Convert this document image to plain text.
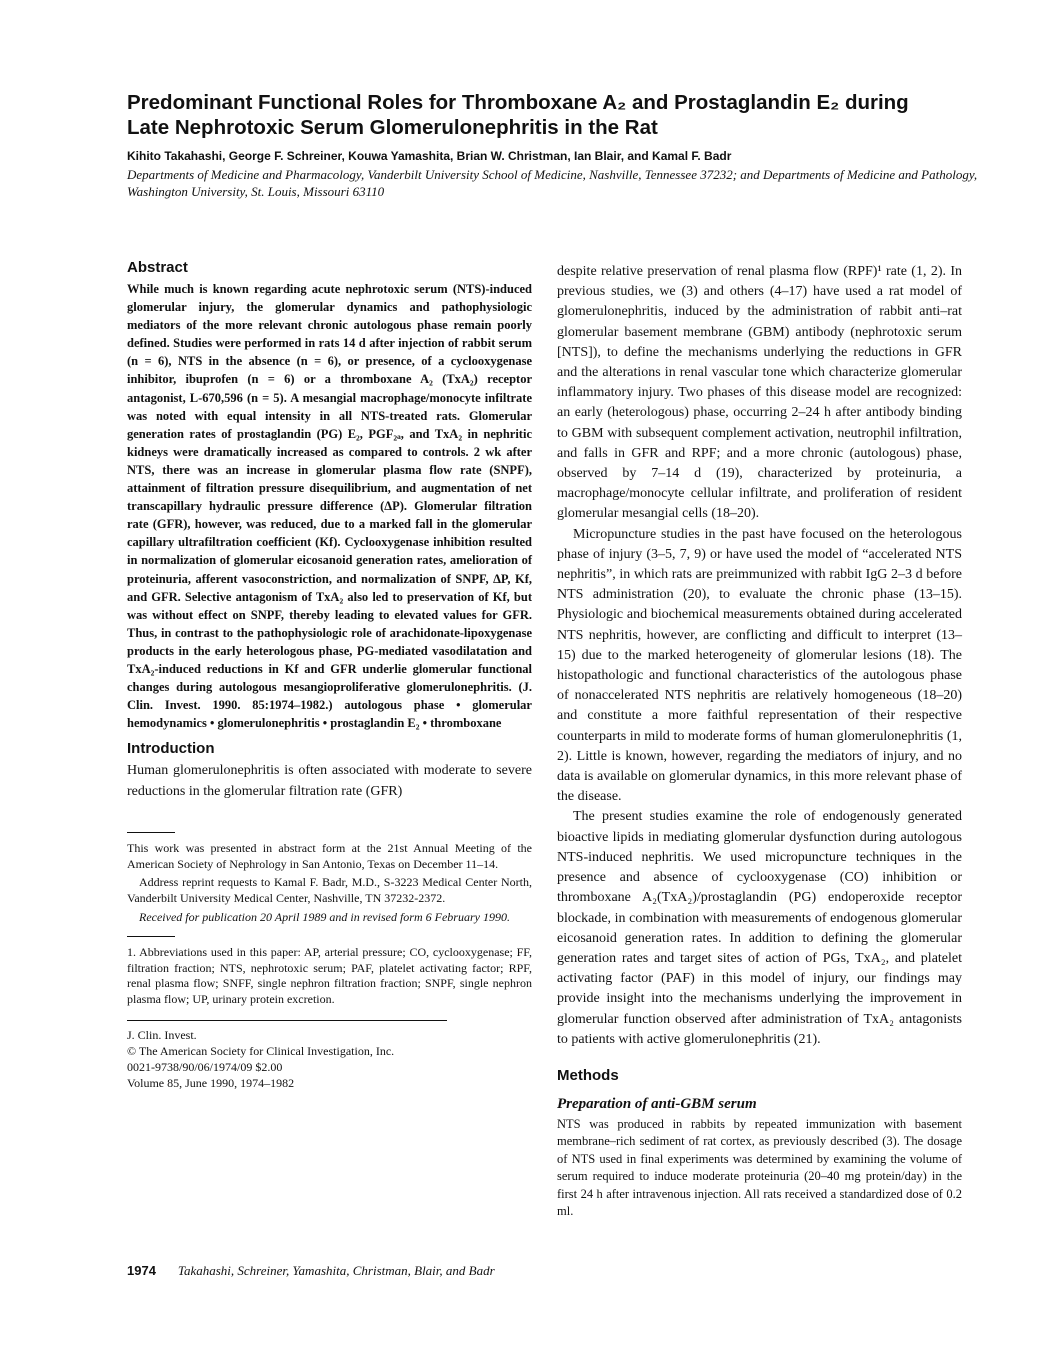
Predominant Functional Roles for Thromboxane A₂ and Prostaglandin E₂ during Late Nephrotoxic Serum Glomerulonephritis in the Rat
Kihito Takahashi, George F. Schreiner, Kouwa Yamashita, Brian W. Christman, Ian Blair, and Kamal F. Badr
Departments of Medicine and Pharmacology, Vanderbilt University School of Medicine, Nashville, Tennessee 37232; and Departments of Medicine and Pathology, Washington University, St. Louis, Missouri 63110
Abstract

While much is known regarding acute nephrotoxic serum (NTS)-induced glomerular injury, the glomerular dynamics and pathophysiologic mediators of the more relevant chronic autologous phase remain poorly defined. Studies were performed in rats 14 d after injection of rabbit serum (n = 6), NTS in the absence (n = 6), or presence, of a cyclooxygenase inhibitor, ibuprofen (n = 6) or a thromboxane A₂ (TxA₂) receptor antagonist, L-670,596 (n = 5). A mesangial macrophage/monocyte infiltrate was noted with equal intensity in all NTS-treated rats. Glomerular generation rates of prostaglandin (PG) E₂, PGF₂ₐ, and TxA₂ in nephritic kidneys were dramatically increased as compared to controls. 2 wk after NTS, there was an increase in glomerular plasma flow rate (SNPF), attainment of filtration pressure disequilibrium, and augmentation of net transcapillary hydraulic pressure difference (ΔP). Glomerular filtration rate (GFR), however, was reduced, due to a marked fall in the glomerular capillary ultrafiltration coefficient (Kf). Cyclooxygenase inhibition resulted in normalization of glomerular eicosanoid generation rates, amelioration of proteinuria, afferent vasoconstriction, and normalization of SNPF, ΔP, Kf, and GFR. Selective antagonism of TxA₂ also led to preservation of Kf, but was without effect on SNPF, thereby leading to elevated values for GFR. Thus, in contrast to the pathophysiologic role of arachidonate-lipoxygenase products in the early heterologous phase, PG-mediated vasodilatation and TxA₂-induced reductions in Kf and GFR underlie glomerular functional changes during autologous mesangioproliferative glomerulonephritis. (J. Clin. Invest. 1990. 85:1974–1982.) autologous phase • glomerular hemodynamics • glomerulonephritis • prostaglandin E₂ • thromboxane

Introduction

Human glomerulonephritis is often associated with moderate to severe reductions in the glomerular filtration rate (GFR)

This work was presented in abstract form at the 21st Annual Meeting of the American Society of Nephrology in San Antonio, Texas on December 11–14.

Address reprint requests to Kamal F. Badr, M.D., S-3223 Medical Center North, Vanderbilt University Medical Center, Nashville, TN 37232-2372.

Received for publication 20 April 1989 and in revised form 6 February 1990.

1. Abbreviations used in this paper: AP, arterial pressure; CO, cyclooxygenase; FF, filtration fraction; NTS, nephrotoxic serum; PAF, platelet activating factor; RPF, renal plasma flow; SNFF, single nephron filtration fraction; SNPF, single nephron plasma flow; UP, urinary protein excretion.

J. Clin. Invest.

© The American Society for Clinical Investigation, Inc.

0021-9738/90/06/1974/09 $2.00

Volume 85, June 1990, 1974–1982

despite relative preservation of renal plasma flow (RPF)¹ rate (1, 2). In previous studies, we (3) and others (4–17) have used a rat model of glomerulonephritis, induced by the administration of rabbit anti–rat glomerular basement membrane (GBM) antibody (nephrotoxic serum [NTS]), to define the mechanisms underlying the reductions in GFR and the alterations in renal vascular tone which characterize glomerular inflammatory injury. Two phases of this disease model are recognized: an early (heterologous) phase, occurring 2–24 h after antibody binding to GBM with subsequent complement activation, neutrophil infiltration, and falls in GFR and RPF; and a more chronic (autologous) phase, observed by 7–14 d (19), characterized by proteinuria, a macrophage/monocyte cellular infiltrate, and proliferation of resident glomerular mesangial cells (18–20).

Micropuncture studies in the past have focused on the heterologous phase of injury (3–5, 7, 9) or have used the model of “accelerated NTS nephritis”, in which rats are preimmunized with rabbit IgG 2–3 d before NTS administration (20), to evaluate the chronic phase (13–15). Physiologic and biochemical measurements obtained during accelerated NTS nephritis, however, are conflicting and difficult to interpret (13–15) due to the marked heterogeneity of glomerular lesions (18). The histopathologic and functional characteristics of the autologous phase of nonaccelerated NTS nephritis are relatively homogeneous (18–20) and constitute a more faithful representation of their respective counterparts in mild to moderate forms of human glomerulonephritis (1, 2). Little is known, however, regarding the mediators of injury, and no data is available on glomerular dynamics, in this more relevant phase of the disease.

The present studies examine the role of endogenously generated bioactive lipids in mediating glomerular dysfunction during autologous NTS-induced nephritis. We used micropuncture techniques in the presence and absence of cyclooxygenase (CO) inhibition or thromboxane A₂(TxA₂)/prostaglandin (PG) endoperoxide receptor blockade, in combination with measurements of endogenous glomerular eicosanoid generation rates. In addition to defining the glomerular generation rates and target sites of action of PGs, TxA₂, and platelet activating factor (PAF) in this model of injury, our findings may provide insight into the mechanisms underlying the improvement in glomerular function observed after administration of TxA₂ antagonists to patients with active glomerulonephritis (21).

Methods
Preparation of anti-GBM serum

NTS was produced in rabbits by repeated immunization with basement membrane–rich sediment of rat cortex, as previously described (3). The dosage of NTS used in final experiments was determined by examining the volume of serum required to induce moderate proteinuria (20–40 mg protein/day) in the first 24 h after intravenous injection. All rats received a standardized dose of 0.2 ml.

1974 Takahashi, Schreiner, Yamashita, Christman, Blair, and Badr
